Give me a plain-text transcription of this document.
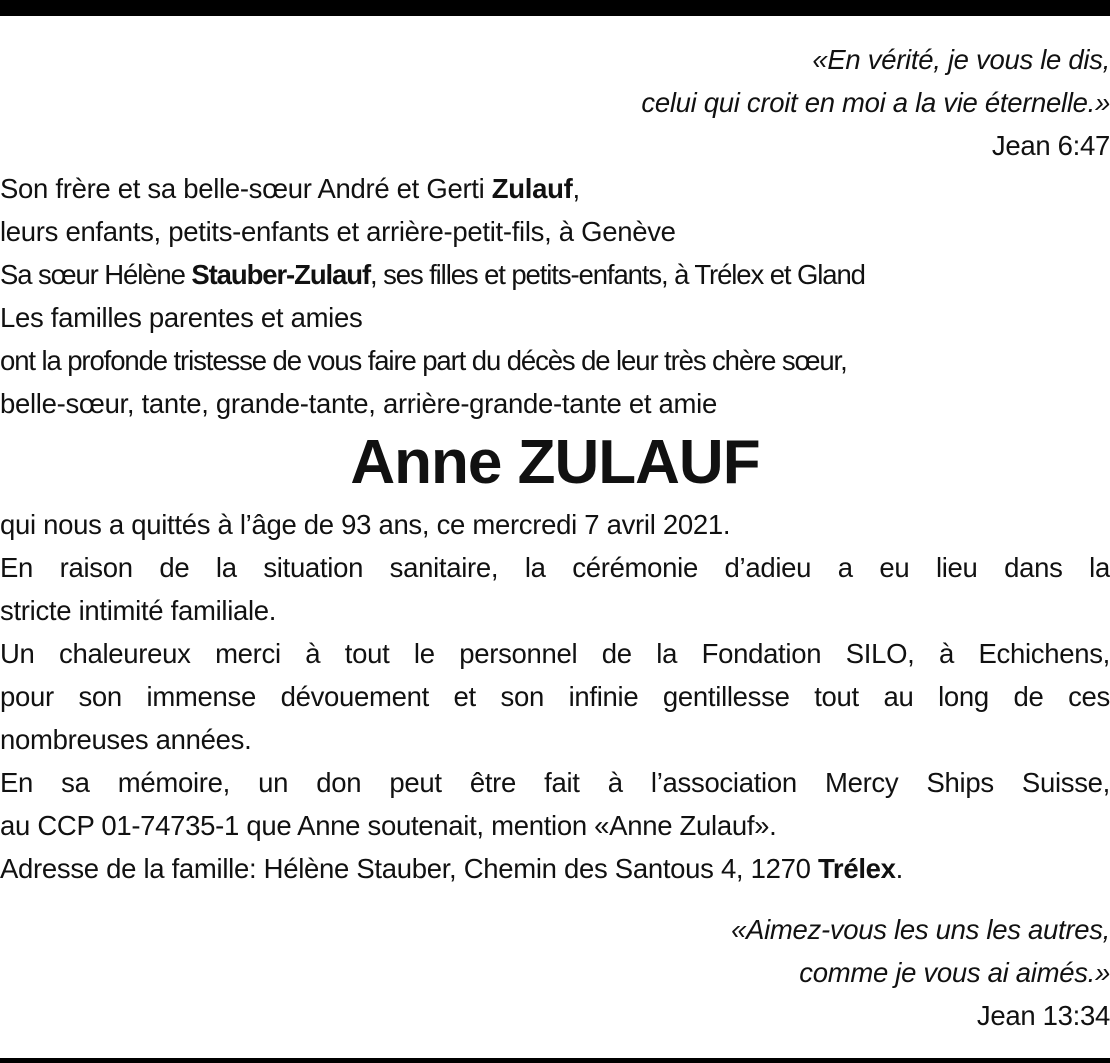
«En vérité, je vous le dis,
celui qui croit en moi a la vie éternelle.»
Jean 6:47
Son frère et sa belle-sœur André et Gerti Zulauf,
leurs enfants, petits-enfants et arrière-petit-fils, à Genève
Sa sœur Hélène Stauber-Zulauf, ses filles et petits-enfants, à Trélex et Gland
Les familles parentes et amies
ont la profonde tristesse de vous faire part du décès de leur très chère sœur,
belle-sœur, tante, grande-tante, arrière-grande-tante et amie
Anne ZULAUF
qui nous a quittés à l’âge de 93 ans, ce mercredi 7 avril 2021.
En raison de la situation sanitaire, la cérémonie d’adieu a eu lieu dans la
stricte intimité familiale.
Un chaleureux merci à tout le personnel de la Fondation SILO, à Echichens,
pour son immense dévouement et son infinie gentillesse tout au long de ces
nombreuses années.
En sa mémoire, un don peut être fait à l’association Mercy Ships Suisse,
au CCP 01-74735-1 que Anne soutenait, mention «Anne Zulauf».
Adresse de la famille: Hélène Stauber, Chemin des Santous 4, 1270 Trélex.
«Aimez-vous les uns les autres,
comme je vous ai aimés.»
Jean 13:34
